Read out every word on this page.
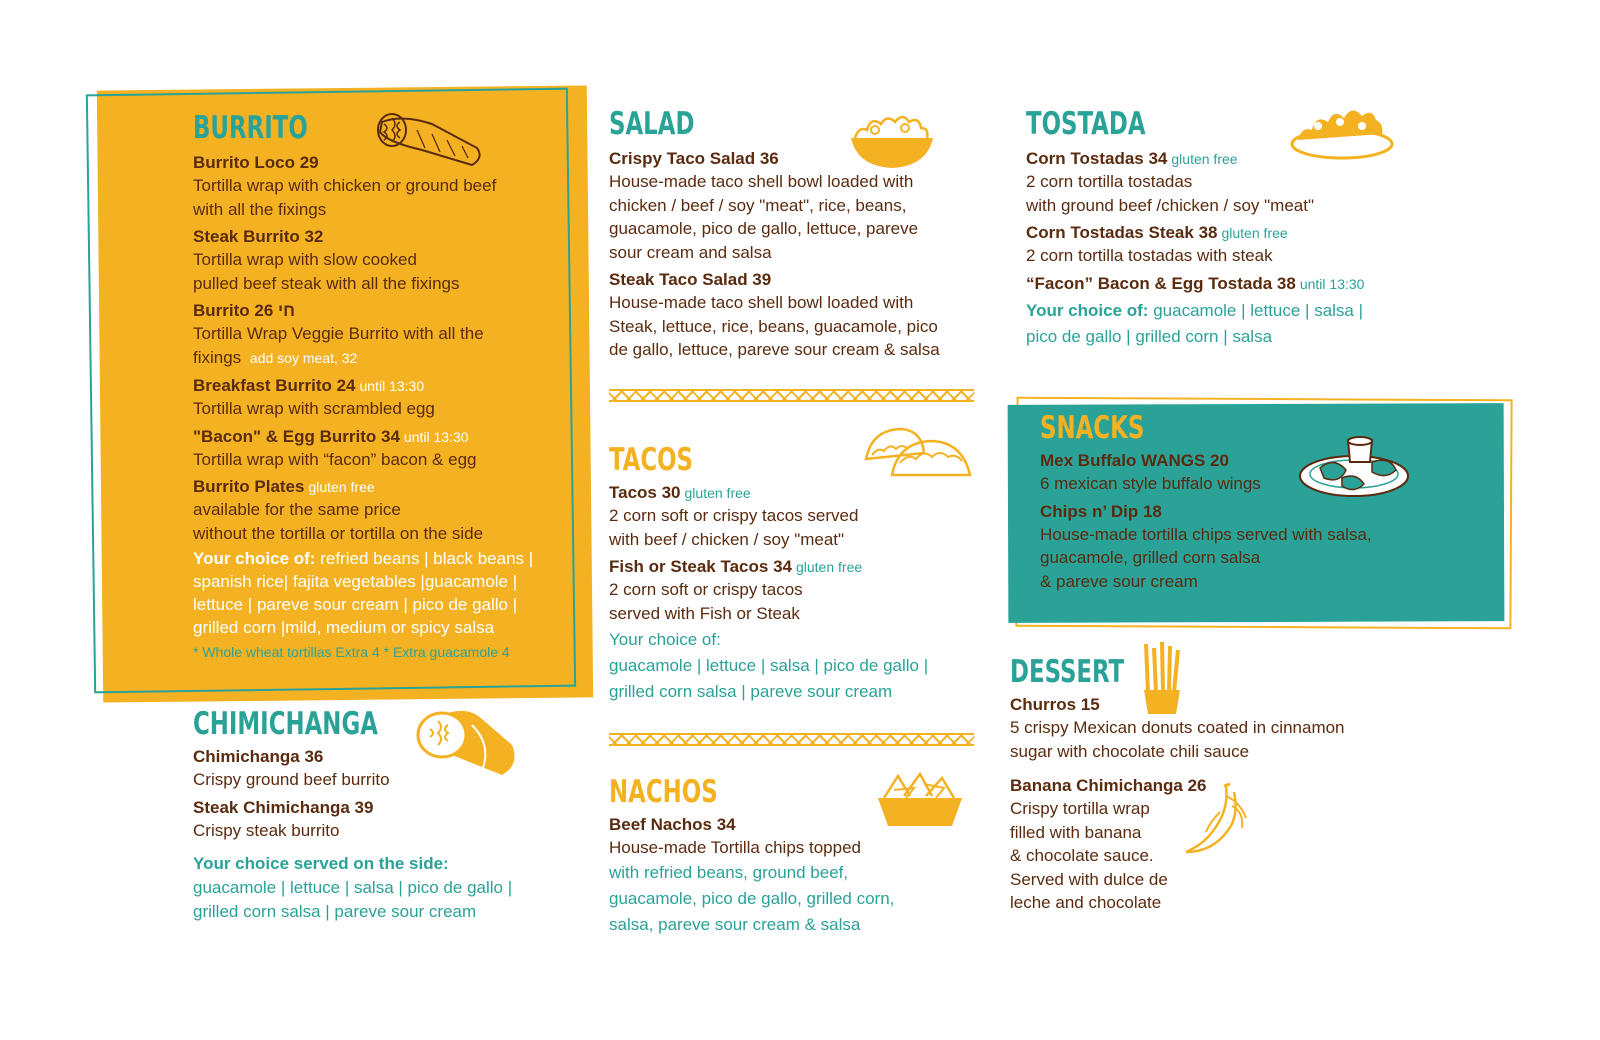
BURRITO
Burrito Loco 29
Tortilla wrap with chicken or ground beef
with all the fixings
Steak Burrito 32
Tortilla wrap with slow cooked
pulled beef steak with all the fixings
Burrito חי 26
Tortilla Wrap Veggie Burrito with all the
fixings add soy meat, 32
Breakfast Burrito 24 until 13:30
Tortilla wrap with scrambled egg
"Bacon" & Egg Burrito 34 until 13:30
Tortilla wrap with “facon” bacon & egg
Burrito Plates gluten free
available for the same price
without the tortilla or tortilla on the side
Your choice of: refried beans | black beans |
spanish rice| fajita vegetables |guacamole |
lettuce | pareve sour cream | pico de gallo |
grilled corn |mild, medium or spicy salsa
* Whole wheat tortillas Extra 4 * Extra guacamole 4
CHIMICHANGA
Chimichanga 36
Crispy ground beef burrito
Steak Chimichanga 39
Crispy steak burrito
Your choice served on the side:
guacamole | lettuce | salsa | pico de gallo |
grilled corn salsa | pareve sour cream
SALAD
Crispy Taco Salad 36
House-made taco shell bowl loaded with
chicken / beef / soy "meat", rice, beans,
guacamole, pico de gallo, lettuce, pareve
sour cream and salsa
Steak Taco Salad 39
House-made taco shell bowl loaded with
Steak, lettuce, rice, beans, guacamole, pico
de gallo, lettuce, pareve sour cream & salsa
TACOS
Tacos 30 gluten free
2 corn soft or crispy tacos served
with beef / chicken / soy "meat"
Fish or Steak Tacos 34 gluten free
2 corn soft or crispy tacos
served with Fish or Steak
Your choice of:
guacamole | lettuce | salsa | pico de gallo |
grilled corn salsa | pareve sour cream
NACHOS
Beef Nachos 34
House-made Tortilla chips topped
with refried beans, ground beef,
guacamole, pico de gallo, grilled corn,
salsa, pareve sour cream & salsa
TOSTADA
Corn Tostadas 34 gluten free
2 corn tortilla tostadas
with ground beef /chicken / soy "meat"
Corn Tostadas Steak 38 gluten free
2 corn tortilla tostadas with steak
“Facon” Bacon & Egg Tostada 38 until 13:30
Your choice of: guacamole | lettuce | salsa |
pico de gallo | grilled corn | salsa
SNACKS
Mex Buffalo WANGS 20
6 mexican style buffalo wings
Chips n’ Dip 18
House-made tortilla chips served with salsa,
guacamole, grilled corn salsa
& pareve sour cream
DESSERT
Churros 15
5 crispy Mexican donuts coated in cinnamon
sugar with chocolate chili sauce
Banana Chimichanga 26
Crispy tortilla wrap
filled with banana
& chocolate sauce.
Served with dulce de
leche and chocolate
